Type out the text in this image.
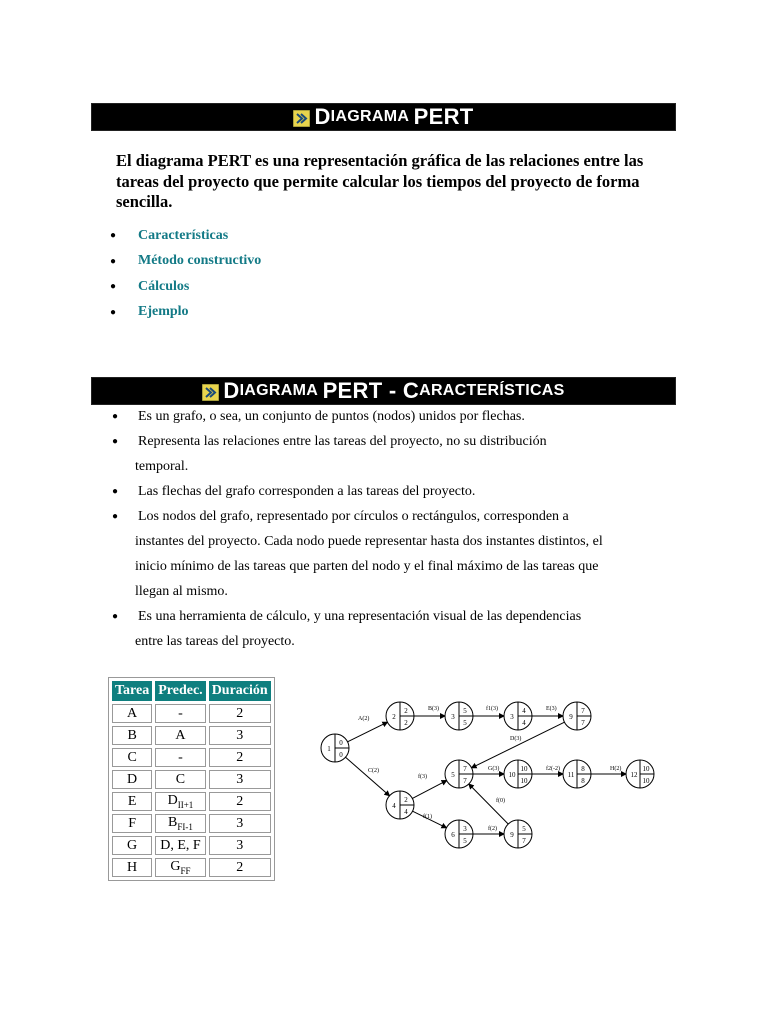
D IAGRAMA
PERT

El diagrama PERT es una representación gráfica de las relaciones entre las tareas del proyecto que permite calcular los tiempos del proyecto de forma sencilla.

●	Características
●	Método constructivo
●	Cálculos
●	Ejemplo
D IAGRAMA
PERT - C ARACTERÍSTICAS
● Es un grafo, o sea, un conjunto de puntos (nodos) unidos por flechas.
● Representa las relaciones entre las tareas del proyecto, no su distribución
temporal.
● Las flechas del grafo corresponden a las tareas del proyecto.
● Los nodos del grafo, representado por círculos o rectángulos, corresponden a
instantes del proyecto. Cada nodo puede representar hasta dos instantes distintos, el
inicio mínimo de las tareas que parten del nodo y el final máximo de las tareas que
llegan al mismo.
● Es una herramienta de cálculo, y una representación visual de las dependencias
entre las tareas del proyecto.
Tarea	Predec.	Duración
A	-	2
B	A	3
C	-	2
D	C	3
E	$D_{II+1}$	2
F	$B_{FI-1}$	3
G	D, E, F	3
H	$G_{FF}$	2
1
0
0
2
2
2
3
5
5
3
4
4
9
7
7
4
2
4
5
7
7
10
10
10
11
8
8
12
10
10
6
3
5
9
5
7
A(2)
B(3)	f1(3)	E(3)
C(2)
f(3)
G(3)	f2(-2)	H(2)
f(1)
f(2)
D(3)
f(0)
